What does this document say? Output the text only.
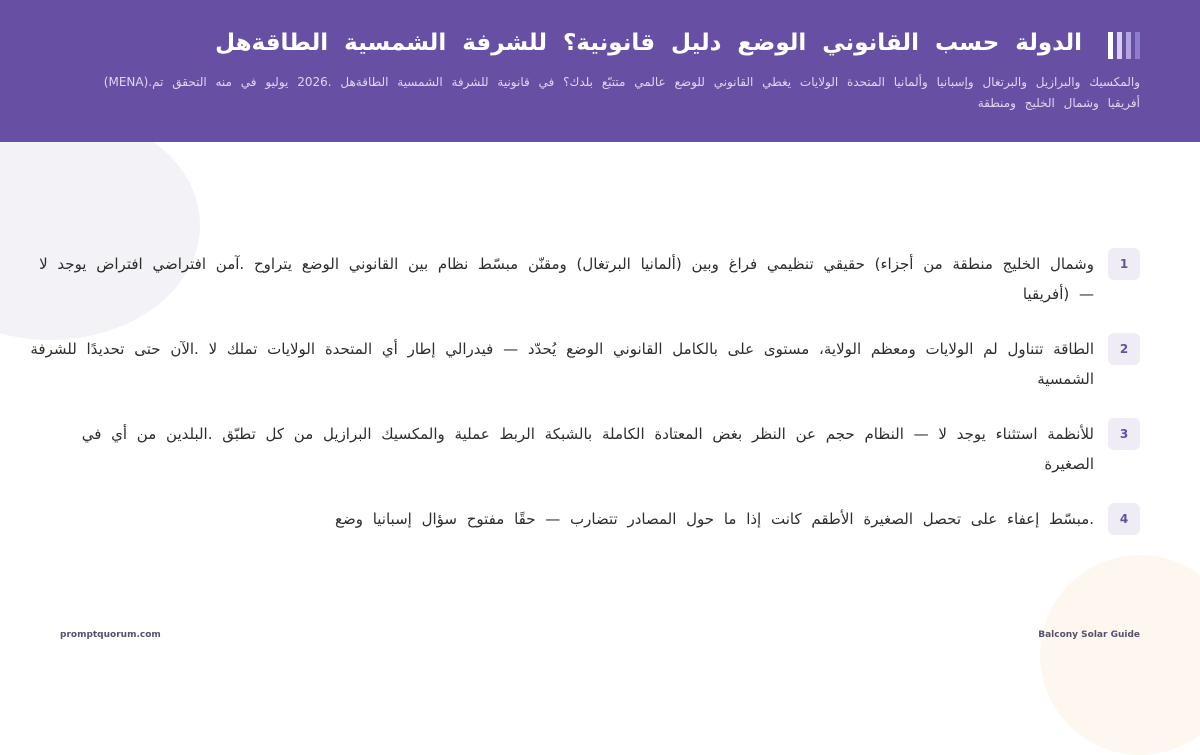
الدولة حسب القانوني الوضع دليل قانونية؟ للشرفة الشمسية الطاقةهل
والمكسيك والبرازيل والبرتغال وإسبانيا وألمانيا المتحدة الولايات يغطي القانوني للوضع عالمي متتبّع بلدك؟ في قانونية للشرفة الشمسية الطاقةهل .2026 يوليو في منه التحقق تم.(MENA) أفريقيا وشمال الخليج ومنطقة
1
وشمال الخليج منطقة من أجزاء) حقيقي تنظيمي فراغ وبين (ألمانيا البرتغال) ومقنّن مبسّط نظام بين القانوني الوضع يتراوح .آمن افتراضي افتراض يوجد لا — (أفريقيا
2
الطاقة تتناول لم الولايات ومعظم الولاية، مستوى على بالكامل القانوني الوضع يُحدّد — فيدرالي إطار أي المتحدة الولايات تملك لا .الآن حتى تحديدًا للشرفة الشمسية
3
للأنظمة استثناء يوجد لا — النظام حجم عن النظر بغض المعتادة الكاملة بالشبكة الربط عملية والمكسيك البرازيل من كل تطبّق .البلدين من أي في الصغيرة
4
.مبسّط إعفاء على تحصل الصغيرة الأطقم كانت إذا ما حول المصادر تتضارب — حقًا مفتوح سؤال إسبانيا وضع
promptquorum.com	Balcony Solar Guide
